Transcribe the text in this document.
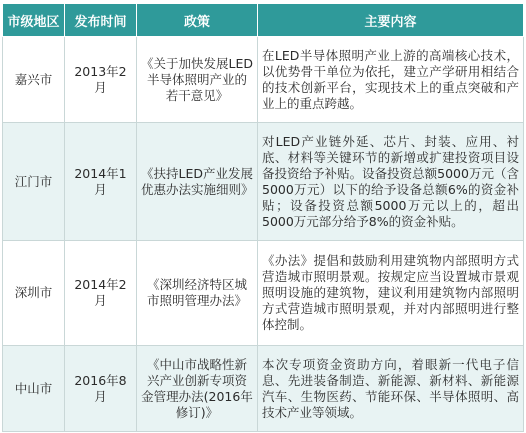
市级地区	发布时间	政策	主要内容
嘉兴市	2013年2月	《关于加快发展LED半导体照明产业的若干意见》	在LED半导体照明产业上游的高端核心技术，以优势骨干单位为依托，建立产学研用相结合的技术创新平台，实现技术上的重点突破和产业上的重点跨越。
江门市	2014年1月	《扶持LED产业发展优惠办法实施细则》	对LED产业链外延、芯片、封装、应用、衬底、材料等关键环节的新增或扩建投资项目设备投资给予补贴。设备投资总额5000万元（含5000万元）以下的给予设备总额6%的资金补贴；设备投资总额5000万元以上的，超出5000万元部分给予8%的资金补贴。
深圳市	2014年2月	《深圳经济特区城市照明管理办法》	《办法》提倡和鼓励利用建筑物内部照明方式营造城市照明景观。按规定应当设置城市景观照明设施的建筑物，建议利用建筑物内部照明方式营造城市照明景观，并对内部照明进行整体控制。
中山市	2016年8月	《中山市战略性新兴产业创新专项资金管理办法(2016年修订)》	本次专项资金资助方向，着眼新一代电子信息、先进装备制造、新能源、新材料、新能源汽车、生物医药、节能环保、半导体照明、高技术产业等领域。
